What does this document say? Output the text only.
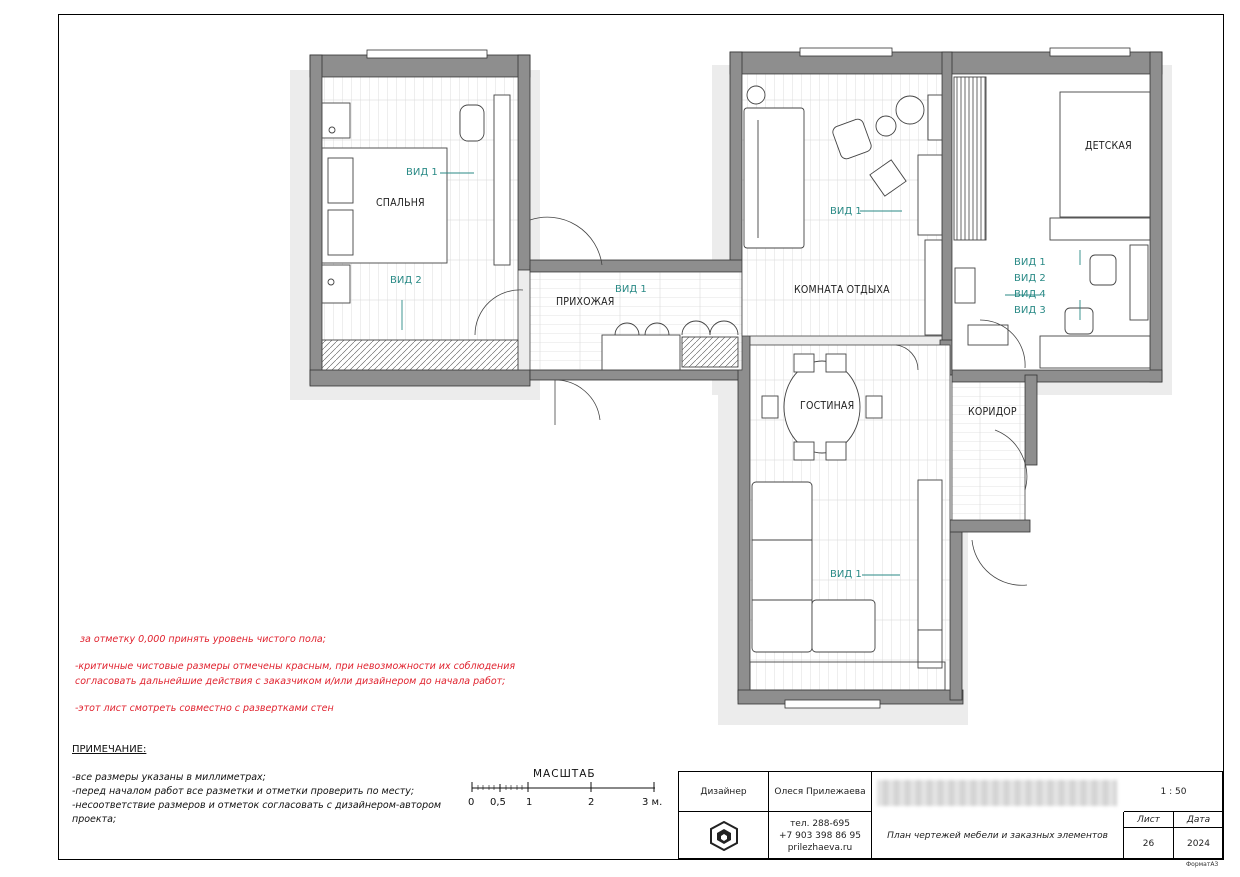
СПАЛЬНЯ
ПРИХОЖАЯ
КОМНАТА ОТДЫХА
ДЕТСКАЯ
ГОСТИНАЯ	КОРИДОР
ВИД 1
ВИД 2
ВИД 1
ВИД 1
ВИД 1
ВИД 2
ВИД 4
ВИД 3
ВИД 1
за отметку 0,000 принять уровень чистого пола;
-критичные чистовые размеры отмечены красным, при невозможности их соблюдения
согласовать дальнейшие действия с заказчиком и/или дизайнером до начала работ;
-этот лист смотреть совместно с развертками стен
ПРИМЕЧАНИЕ:
-все размеры указаны в миллиметрах;
-перед началом работ все разметки и отметки проверить по месту;
-несоответствие размеров и отметок согласовать с дизайнером-автором
проекта;
МАСШТАБ
0 0,5 1	2	3 м.
Дизайнер	Олеся Прилежаева
тел. 288-695
+7 903 398 86 95
prilezhaeva.ru
План чертежей мебели и заказных элементов
1 : 50
Лист	Дата
26	2024
ФорматА3
